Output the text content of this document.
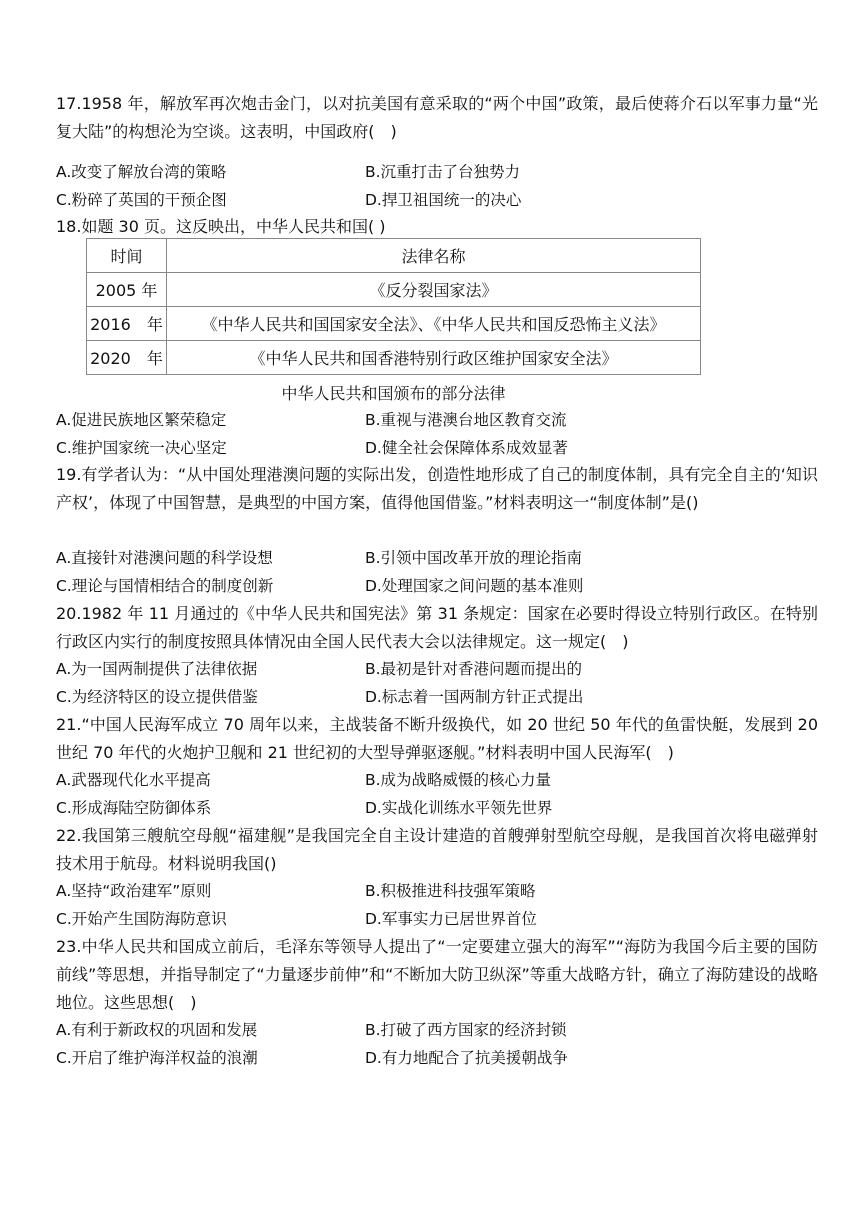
17.1958 年，解放军再次炮击金门，以对抗美国有意采取的“两个中国”政策，最后使蒋介石以军事力量“光复大陆”的构想沦为空谈。这表明，中国政府(　)
A.改变了解放台湾的策略	B.沉重打击了台独势力
C.粉碎了英国的干预企图	D.捍卫祖国统一的决心
18.如题 30 页。这反映出，中华人民共和国( )
时间	法律名称
2005 年	《反分裂国家法》
2016　年	《中华人民共和国国家安全法》、《中华人民共和国反恐怖主义法》
2020　年	《中华人民共和国香港特别行政区维护国家安全法》
中华人民共和国颁布的部分法律
A.促进民族地区繁荣稳定	B.重视与港澳台地区教育交流
C.维护国家统一决心坚定	D.健全社会保障体系成效显著
19.有学者认为：“从中国处理港澳问题的实际出发，创造性地形成了自己的制度体制，具有完全自主的‘知识产权’，体现了中国智慧，是典型的中国方案，值得他国借鉴。”材料表明这一“制度体制”是()
A.直接针对港澳问题的科学设想	B.引领中国改革开放的理论指南
C.理论与国情相结合的制度创新	D.处理国家之间问题的基本准则
20.1982 年 11 月通过的《中华人民共和国宪法》第 31 条规定：国家在必要时得设立特别行政区。在特别行政区内实行的制度按照具体情况由全国人民代表大会以法律规定。这一规定(　)
A.为一国两制提供了法律依据	B.最初是针对香港问题而提出的
C.为经济特区的设立提供借鉴	D.标志着一国两制方针正式提出
21.“中国人民海军成立 70 周年以来，主战装备不断升级换代，如 20 世纪 50 年代的鱼雷快艇，发展到 20 世纪 70 年代的火炮护卫舰和 21 世纪初的大型导弹驱逐舰。”材料表明中国人民海军(　)
A.武器现代化水平提高	B.成为战略威慑的核心力量
C.形成海陆空防御体系	D.实战化训练水平领先世界
22.我国第三艘航空母舰“福建舰”是我国完全自主设计建造的首艘弹射型航空母舰，是我国首次将电磁弹射技术用于航母。材料说明我国()
A.坚持“政治建军”原则	B.积极推进科技强军策略
C.开始产生国防海防意识	D.军事实力已居世界首位
23.中华人民共和国成立前后，毛泽东等领导人提出了“一定要建立强大的海军”“海防为我国今后主要的国防前线”等思想，并指导制定了“力量逐步前伸”和“不断加大防卫纵深”等重大战略方针，确立了海防建设的战略地位。这些思想(　)
A.有利于新政权的巩固和发展	B.打破了西方国家的经济封锁
C.开启了维护海洋权益的浪潮	D.有力地配合了抗美援朝战争
